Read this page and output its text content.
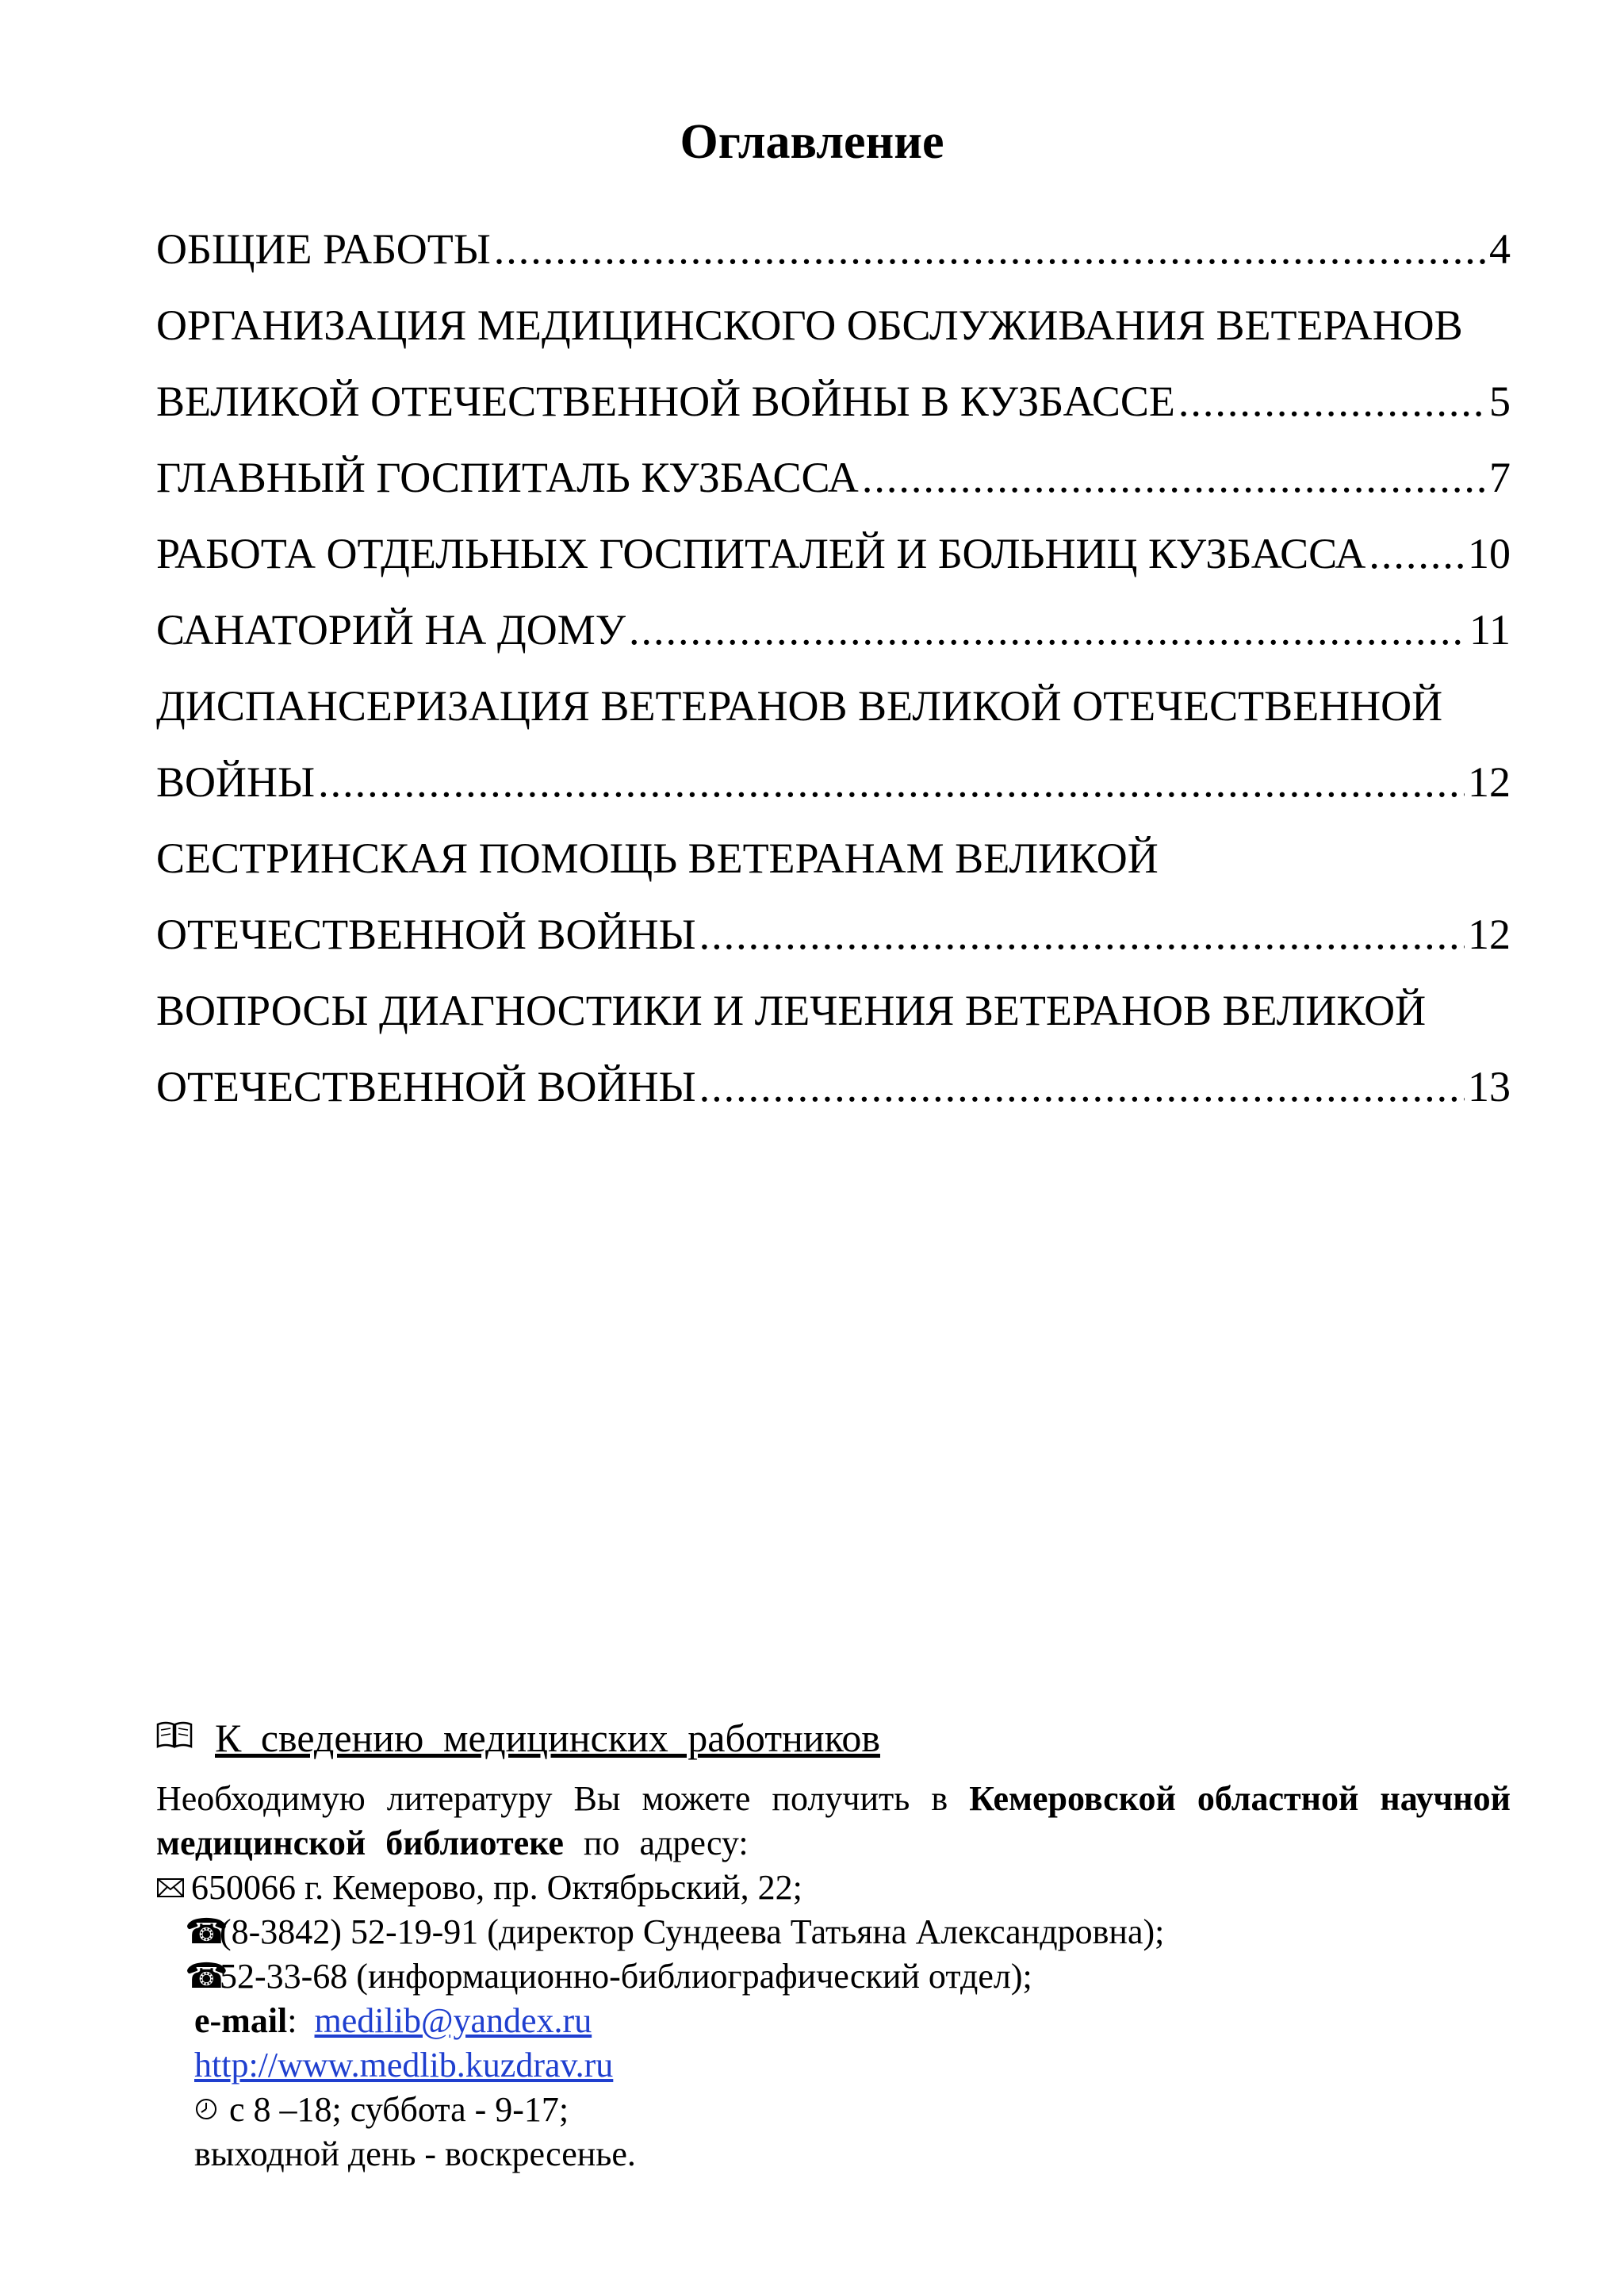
Оглавление
ОБЩИЕ РАБОТЫ .....	4
ОРГАНИЗАЦИЯ МЕДИЦИНСКОГО ОБСЛУЖИВАНИЯ ВЕТЕРАНОВ
ВЕЛИКОЙ ОТЕЧЕСТВЕННОЙ ВОЙНЫ В КУЗБАССЕ .....	5
ГЛАВНЫЙ ГОСПИТАЛЬ КУЗБАССА .....	7
РАБОТА ОТДЕЛЬНЫХ ГОСПИТАЛЕЙ И БОЛЬНИЦ КУЗБАССА ..... 10
САНАТОРИЙ НА ДОМУ .....	11
ДИСПАНСЕРИЗАЦИЯ ВЕТЕРАНОВ ВЕЛИКОЙ ОТЕЧЕСТВЕННОЙ
ВОЙНЫ .....	12
СЕСТРИНСКАЯ ПОМОЩЬ ВЕТЕРАНАМ ВЕЛИКОЙ
ОТЕЧЕСТВЕННОЙ ВОЙНЫ .....	12
ВОПРОСЫ ДИАГНОСТИКИ И ЛЕЧЕНИЯ ВЕТЕРАНОВ ВЕЛИКОЙ
ОТЕЧЕСТВЕННОЙ ВОЙНЫ .....	13
К сведению медицинских работников
Необходимую литературу Вы можете получить в Кемеровской областной научной медицинской библиотеке по адресу:
650066 г. Кемерово, пр. Октябрьский, 22;
☎(8-3842) 52-19-91 (директор Сундеева Татьяна Александровна);
☎52-33-68 (информационно-библиографический отдел);
e-mail:  medilib@yandex.ru
http://www.medlib.kuzdrav.ru
с 8 –18; суббота - 9-17;
выходной день - воскресенье.
